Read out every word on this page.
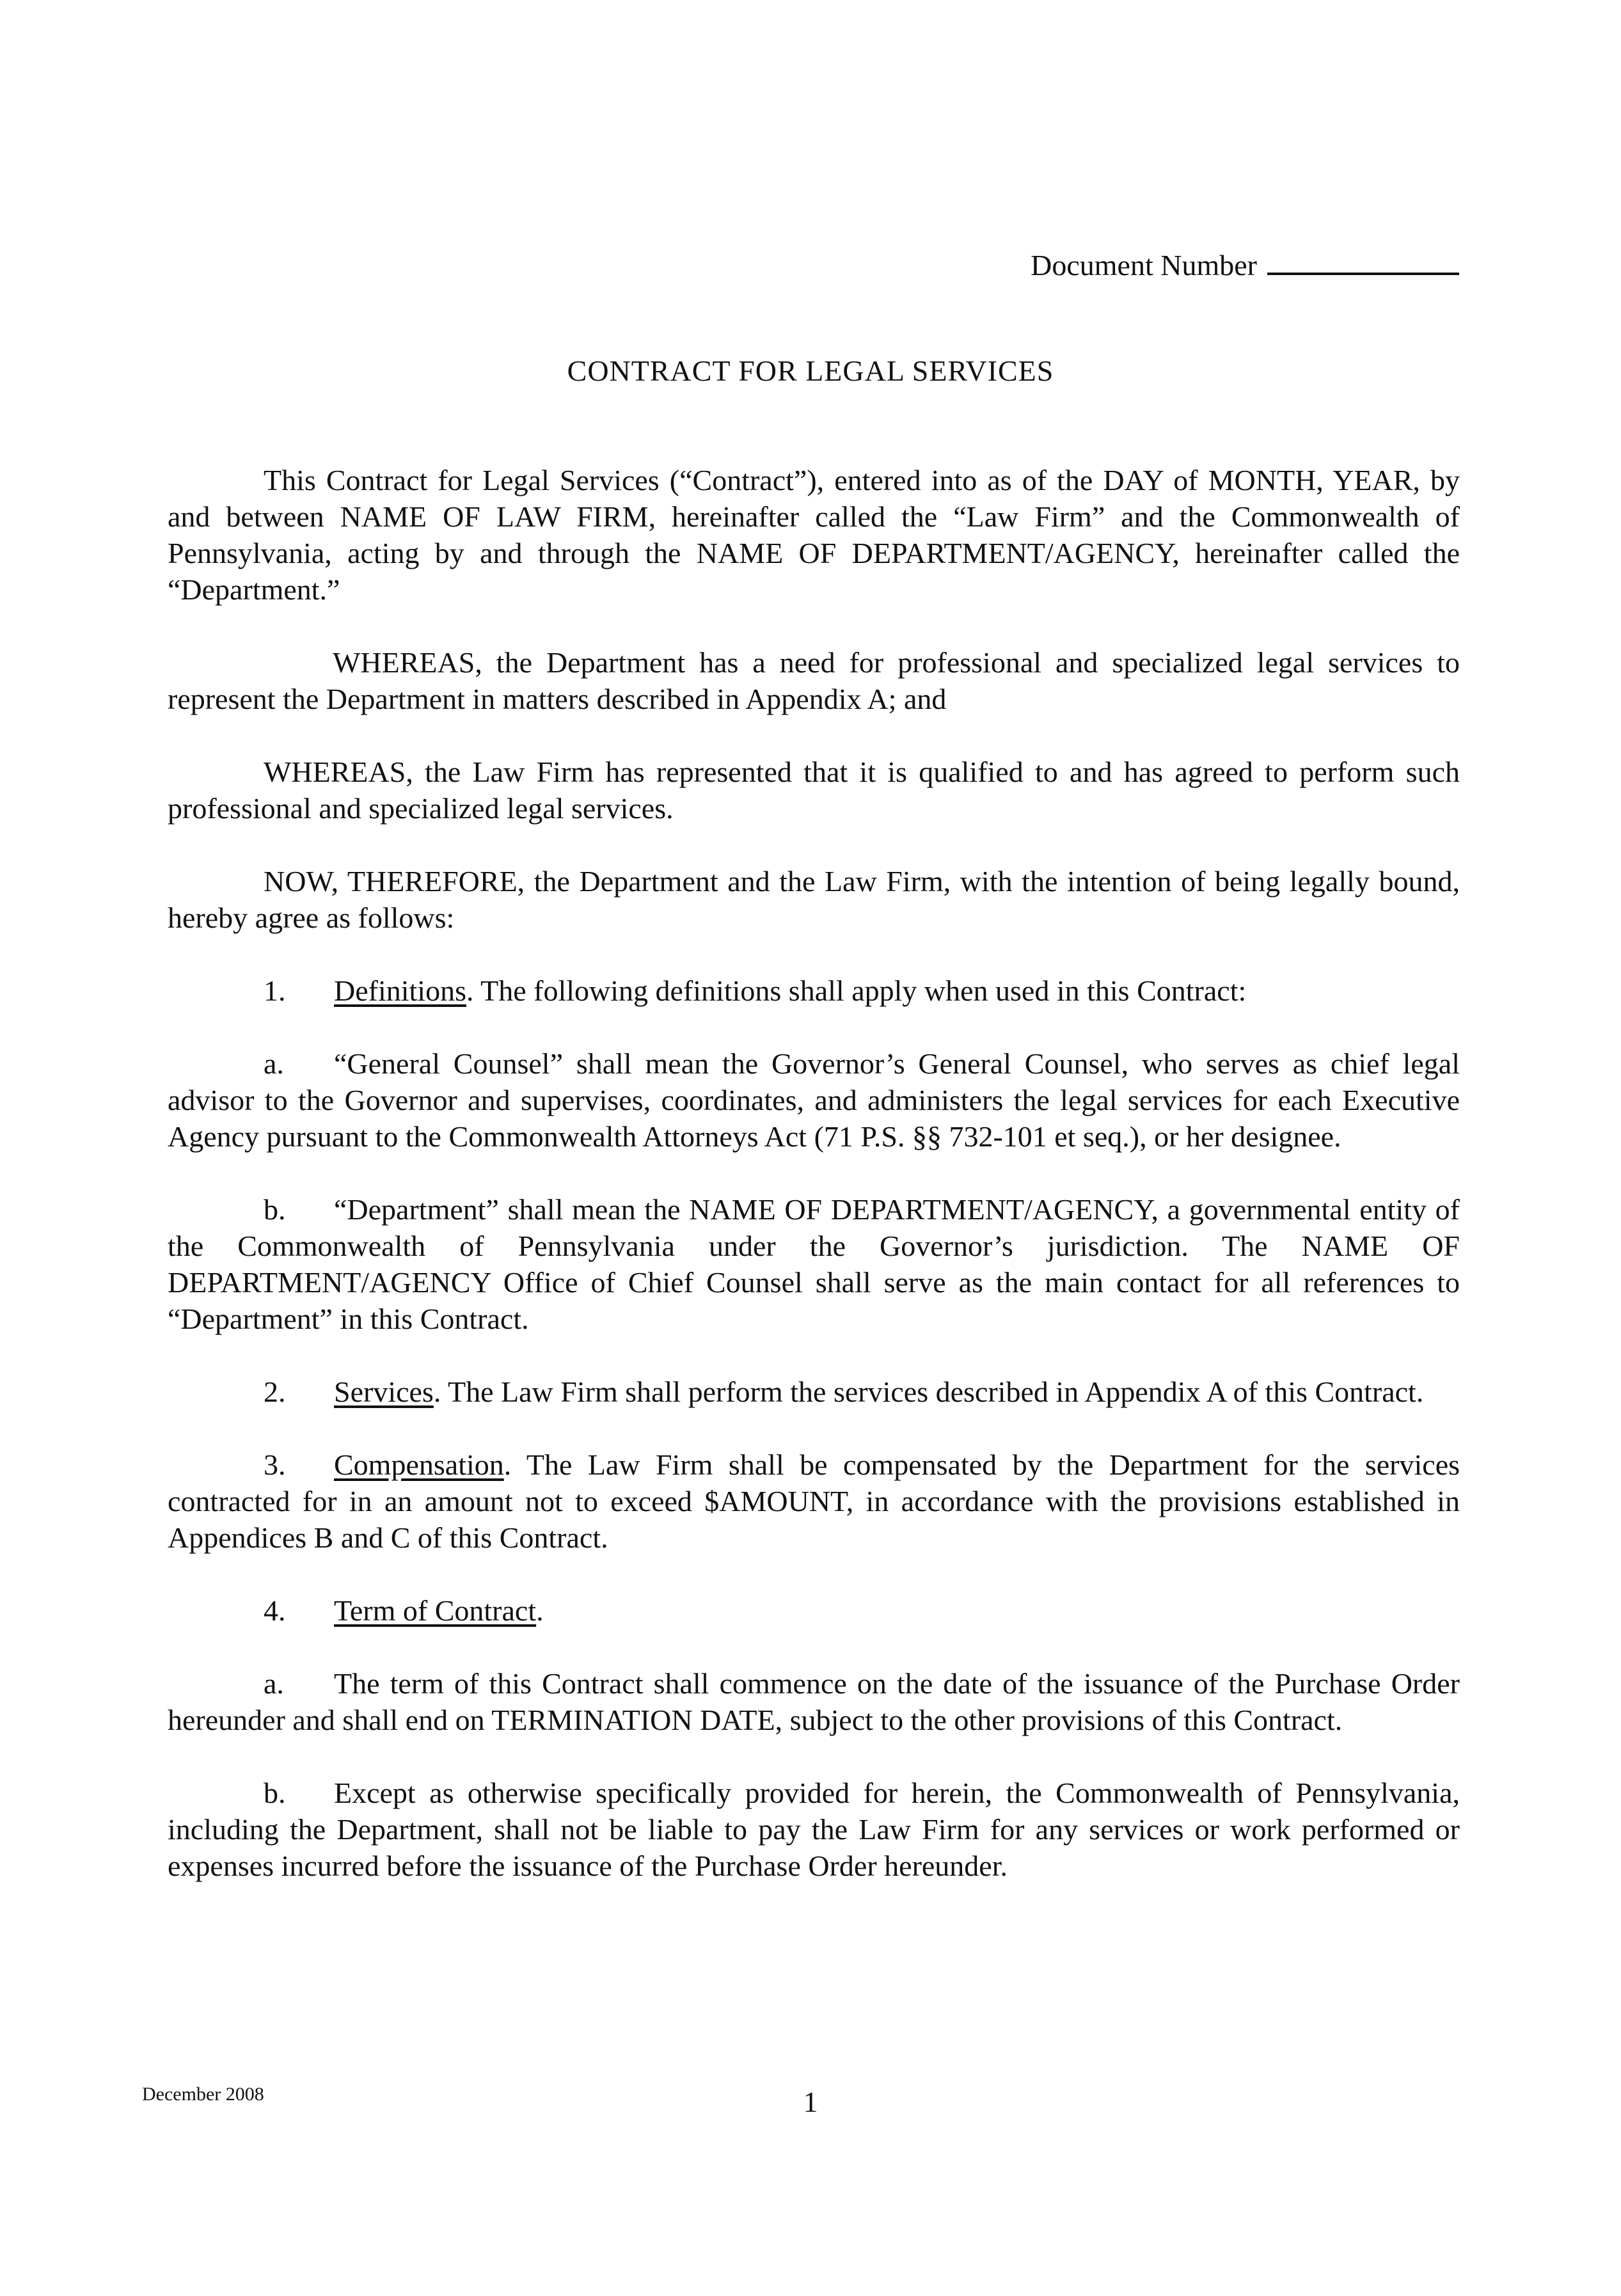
Document Number
CONTRACT FOR LEGAL SERVICES

This Contract for Legal Services (“Contract”), entered into as of the DAY of MONTH, YEAR, by and between NAME OF LAW FIRM, hereinafter called the “Law Firm” and the Commonwealth of Pennsylvania, acting by and through the NAME OF DEPARTMENT/AGENCY, hereinafter called the “Department.”

WHEREAS, the Department has a need for professional and specialized legal services to represent the Department in matters described in Appendix A; and

WHEREAS, the Law Firm has represented that it is qualified to and has agreed to perform such professional and specialized legal services.

NOW, THEREFORE, the Department and the Law Firm, with the intention of being legally bound, hereby agree as follows:

1. Definitions. The following definitions shall apply when used in this Contract:

a. “General Counsel” shall mean the Governor’s General Counsel, who serves as chief legal advisor to the Governor and supervises, coordinates, and administers the legal services for each Executive Agency pursuant to the Commonwealth Attorneys Act (71 P.S. §§ 732-101 et seq.), or her designee.

b. “Department” shall mean the NAME OF DEPARTMENT/AGENCY, a governmental entity of the Commonwealth of Pennsylvania under the Governor’s jurisdiction. The NAME OF DEPARTMENT/AGENCY Office of Chief Counsel shall serve as the main contact for all references to “Department” in this Contract.

2. Services. The Law Firm shall perform the services described in Appendix A of this Contract.

3. Compensation. The Law Firm shall be compensated by the Department for the services contracted for in an amount not to exceed $AMOUNT, in accordance with the provisions established in Appendices B and C of this Contract.

4. Term of Contract.

a. The term of this Contract shall commence on the date of the issuance of the Purchase Order hereunder and shall end on TERMINATION DATE, subject to the other provisions of this Contract.

b. Except as otherwise specifically provided for herein, the Commonwealth of Pennsylvania, including the Department, shall not be liable to pay the Law Firm for any services or work performed or expenses incurred before the issuance of the Purchase Order hereunder.

December 2008	1
